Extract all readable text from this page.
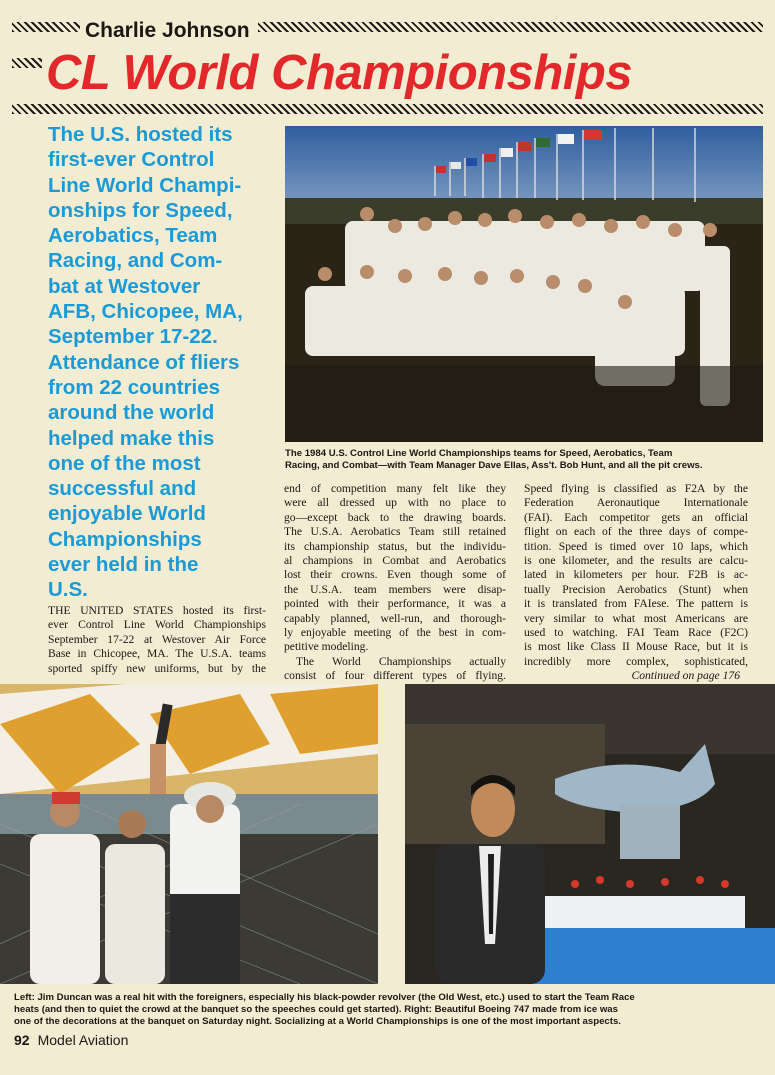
Charlie Johnson
CL World Championships
The U.S. hosted its
first-ever Control
Line World Champi-
onships for Speed,
Aerobatics, Team
Racing, and Com-
bat at Westover
AFB, Chicopee, MA,
September 17-22.
Attendance of fliers
from 22 countries
around the world
helped make this
one of the most
successful and
enjoyable World
Championships
ever held in the
U.S.
The 1984 U.S. Control Line World Championships teams for Speed, Aerobatics, Team
Racing, and Combat—with Team Manager Dave Ellas, Ass't. Bob Hunt, and all the pit crews.
THE UNITED STATES hosted its first-
ever Control Line World Championships
September 17-22 at Westover Air Force
Base in Chicopee, MA. The U.S.A. teams
sported spiffy new uniforms, but by the
end of competition many felt like they
were all dressed up with no place to
go—except back to the drawing boards.
The U.S.A. Aerobatics Team still retained
its championship status, but the individu-
al champions in Combat and Aerobatics
lost their crowns. Even though some of
the U.S.A. team members were disap-
pointed with their performance, it was a
capably planned, well-run, and thorough-
ly enjoyable meeting of the best in com-
petitive modeling.
The World Championships actually
consist of four different types of flying.
Speed flying is classified as F2A by the
Federation Aeronautique Internationale
(FAI). Each competitor gets an official
flight on each of the three days of compe-
tition. Speed is timed over 10 laps, which
is one kilometer, and the results are calcu-
lated in kilometers per hour. F2B is ac-
tually Precision Aerobatics (Stunt) when
it is translated from FAIese. The pattern is
very similar to what most Americans are
used to watching. FAI Team Race (F2C)
is most like Class II Mouse Race, but it is
incredibly more complex, sophisticated,
Continued on page 176
Left: Jim Duncan was a real hit with the foreigners, especially his black-powder revolver (the Old West, etc.) used to start the Team Race
heats (and then to quiet the crowd at the banquet so the speeches could get started). Right: Beautiful Boeing 747 made from ice was
one of the decorations at the banquet on Saturday night. Socializing at a World Championships is one of the most important aspects.
92 Model Aviation
